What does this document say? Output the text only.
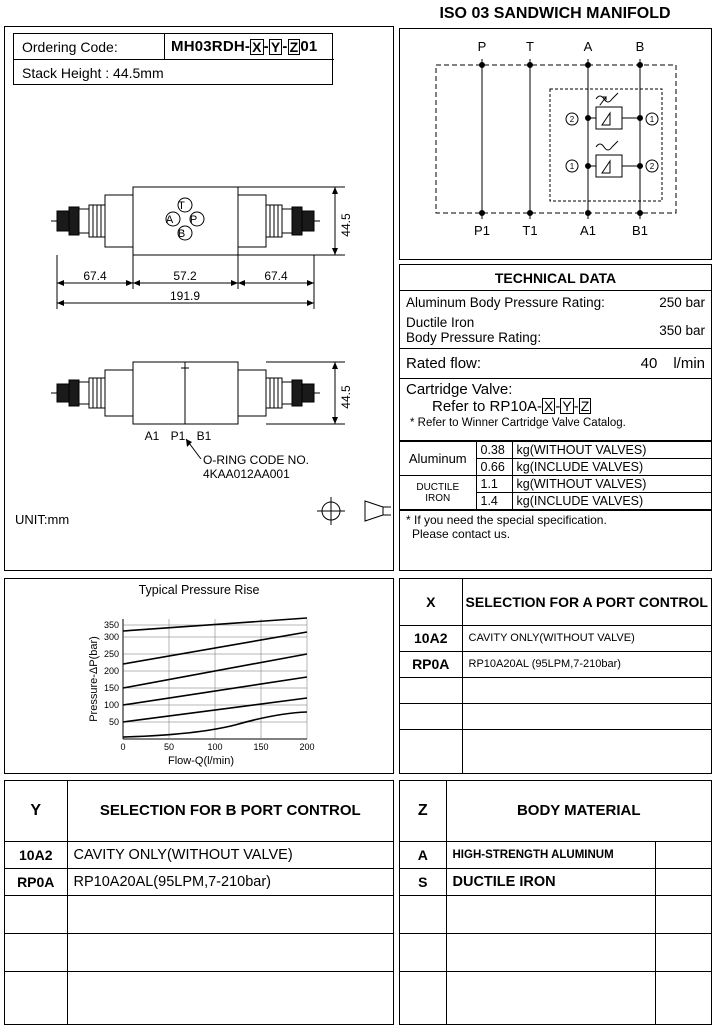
ISO 03 SANDWICH MANIFOLD
Ordering Code:	MH03RDH- X - Y - Z 01
Stack Height : 44.5mm
T
A P
B
67.4	57.2	67.4
191.9
44.5
44.5
A1 P1 B1
O-RING CODE NO.
4KAA012AA001
UNIT:mm
P	T	A	B
P1 T1	A1	B1
2	1
1	2
TECHNICAL DATA
Aluminum Body Pressure Rating:	250 bar
Ductile Iron
Body Pressure Rating:	350 bar
Rated flow:	40 l/min
Cartridge Valve:
Refer to RP10A- X - Y - Z
* Refer to Winner Cartridge Valve Catalog.
Aluminum	0.38	kg(WITHOUT VALVES)
	0.66	kg(INCLUDE VALVES)
DUCTILE IRON	1.1	kg(WITHOUT VALVES)
	1.4	kg(INCLUDE VALVES)
* If you need the special specification.
Please contact us.
Typical Pressure Rise
350
300
250
200
150
100
50
0	50	100	150	200
Flow-Q(l/min)
Pressure-ΔP(bar)
X	SELECTION FOR A PORT CONTROL
10A2	CAVITY ONLY(WITHOUT VALVE)
RP0A	RP10A20AL (95LPM,7-210bar)

Y	SELECTION FOR B PORT CONTROL
10A2	CAVITY ONLY(WITHOUT VALVE)
RP0A	RP10A20AL(95LPM,7-210bar)

Z	BODY MATERIAL	
A	HIGH-STRENGTH ALUMINUM	
S	DUCTILE IRON	
